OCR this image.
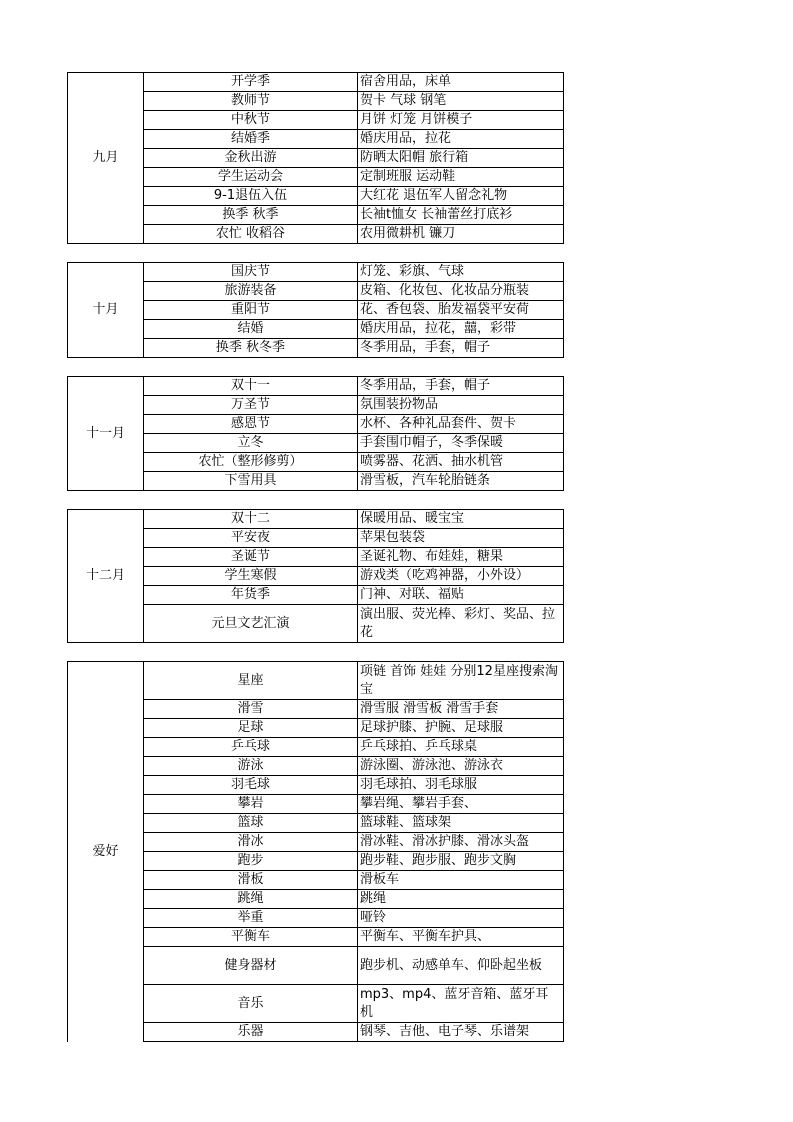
九月	开学季	宿舍用品，床单
	教师节	贺卡 气球 钢笔
	中秋节	月饼 灯笼 月饼模子
	结婚季	婚庆用品，拉花
	金秋出游	防晒太阳帽 旅行箱
	学生运动会	定制班服 运动鞋
	9-1退伍入伍	大红花 退伍军人留念礼物
	换季 秋季	长袖t恤女 长袖蕾丝打底衫
	农忙 收稻谷	农用微耕机 镰刀
十月	国庆节	灯笼、彩旗、气球
	旅游装备	皮箱、化妆包、化妆品分瓶装
	重阳节	花、香包袋、胎发福袋平安荷
	结婚	婚庆用品，拉花，囍，彩带
	换季 秋冬季	冬季用品，手套，帽子
十一月	双十一	冬季用品，手套，帽子
	万圣节	氛围装扮物品
	感恩节	水杯、各种礼品套件、贺卡
	立冬	手套围巾帽子，冬季保暖
	农忙（整形修剪）	喷雾器、花洒、抽水机管
	下雪用具	滑雪板，汽车轮胎链条
十二月	双十二	保暖用品、暖宝宝
	平安夜	苹果包装袋
	圣诞节	圣诞礼物、布娃娃，糖果
	学生寒假	游戏类（吃鸡神器，小外设）
	年货季	门神、对联、福贴
	元旦文艺汇演	演出服、荧光棒、彩灯、奖品、拉花
爱好	星座	项链 首饰 娃娃 分别12星座搜索淘宝
	滑雪	滑雪服 滑雪板 滑雪手套
	足球	足球护膝、护腕、足球服
	乒乓球	乒乓球拍、乒乓球桌
	游泳	游泳圈、游泳池、游泳衣
	羽毛球	羽毛球拍、羽毛球服
	攀岩	攀岩绳、攀岩手套、
	篮球	篮球鞋、篮球架
	滑冰	滑冰鞋、滑冰护膝、滑冰头盔
	跑步	跑步鞋、跑步服、跑步文胸
	滑板	滑板车
	跳绳	跳绳
	举重	哑铃
	平衡车	平衡车、平衡车护具、
	健身器材	跑步机、动感单车、仰卧起坐板
	音乐	mp3、mp4、蓝牙音箱、蓝牙耳机
	乐器	钢琴、吉他、电子琴、乐谱架
